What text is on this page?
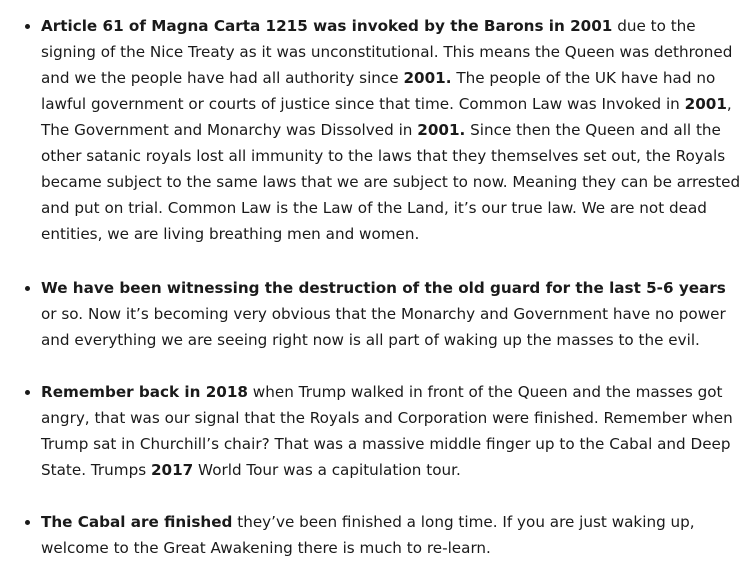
Article 61 of Magna Carta 1215 was invoked by the Barons in 2001 due to the signing of the Nice Treaty as it was unconstitutional. This means the Queen was dethroned and we the people have had all authority since 2001. The people of the UK have had no lawful government or courts of justice since that time. Common Law was Invoked in 2001, The Government and Monarchy was Dissolved in 2001. Since then the Queen and all the other satanic royals lost all immunity to the laws that they themselves set out, the Royals became subject to the same laws that we are subject to now. Meaning they can be arrested and put on trial. Common Law is the Law of the Land, it’s our true law. We are not dead entities, we are living breathing men and women.
We have been witnessing the destruction of the old guard for the last 5-6 years or so. Now it’s becoming very obvious that the Monarchy and Government have no power and everything we are seeing right now is all part of waking up the masses to the evil.
Remember back in 2018 when Trump walked in front of the Queen and the masses got angry, that was our signal that the Royals and Corporation were finished. Remember when Trump sat in Churchill’s chair? That was a massive middle finger up to the Cabal and Deep State. Trumps 2017 World Tour was a capitulation tour.
The Cabal are finished they’ve been finished a long time. If you are just waking up, welcome to the Great Awakening there is much to re-learn.
